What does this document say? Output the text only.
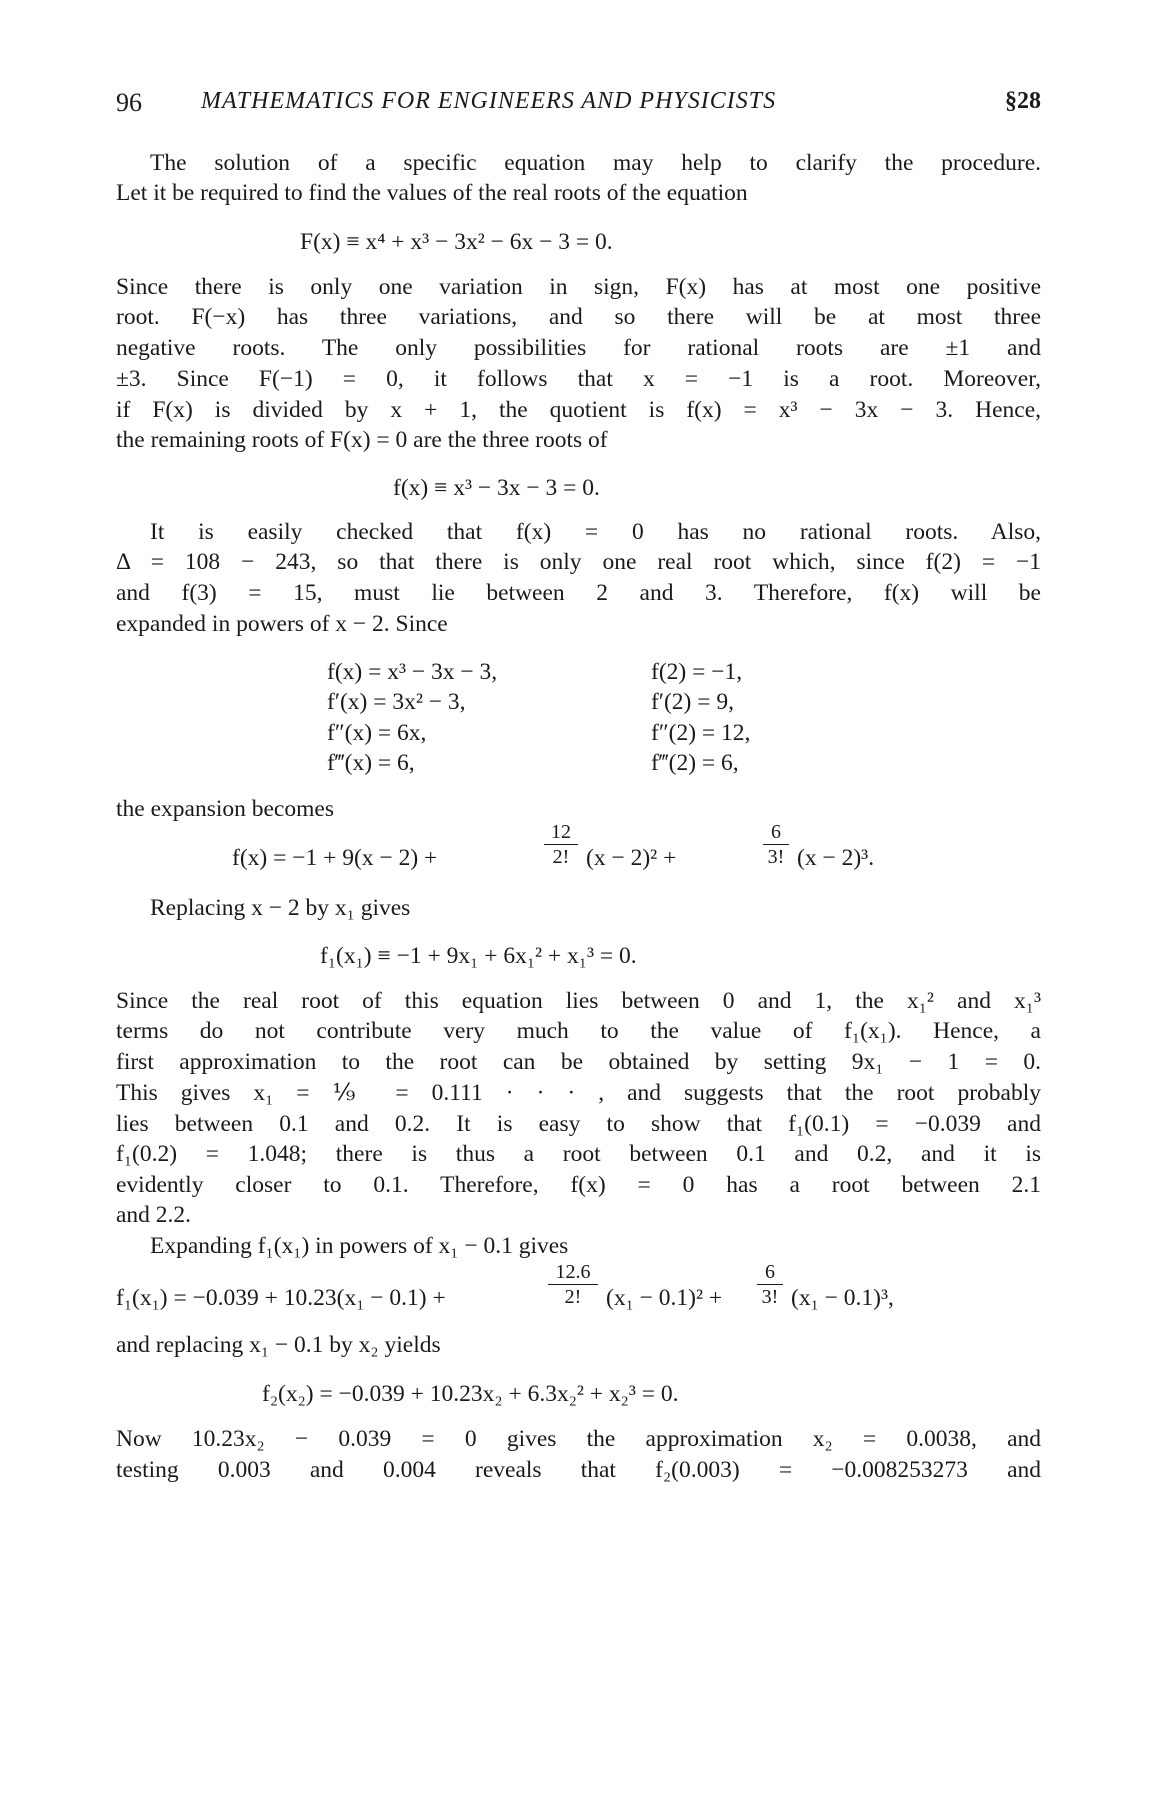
96 MATHEMATICS FOR ENGINEERS AND PHYSICISTS	§28
The solution of a specific equation may help to clarify the procedure.
Let it be required to find the values of the real roots of the equation
F(x) ≡ x⁴ + x³ − 3x² − 6x − 3 = 0.
Since there is only one variation in sign, F(x) has at most one positive
root. F(−x) has three variations, and so there will be at most three
negative roots. The only possibilities for rational roots are ±1 and
±3. Since F(−1) = 0, it follows that x = −1 is a root. Moreover,
if F(x) is divided by x + 1, the quotient is f(x) = x³ − 3x − 3. Hence,
the remaining roots of F(x) = 0 are the three roots of
f(x) ≡ x³ − 3x − 3 = 0.
It is easily checked that f(x) = 0 has no rational roots. Also,
Δ = 108 − 243, so that there is only one real root which, since f(2) = −1
and f(3) = 15, must lie between 2 and 3. Therefore, f(x) will be
expanded in powers of x − 2. Since
f(x) = x³ − 3x − 3,
f′(x) = 3x² − 3,
f″(x) = 6x,
f‴(x) = 6,
f(2) = −1,
f′(2) = 9,
f″(2) = 12,
f‴(2) = 6,
the expansion becomes
f(x) = −1 + 9(x − 2) +
12
2! (x − 2)² +
6
3! (x − 2)³.
Replacing x − 2 by x₁ gives
f₁(x₁) ≡ −1 + 9x₁ + 6x₁² + x₁³ = 0.
Since the real root of this equation lies between 0 and 1, the x₁² and x₁³
terms do not contribute very much to the value of f₁(x₁). Hence, a
first approximation to the root can be obtained by setting 9x₁ − 1 = 0.
This gives x₁ = ⅑ = 0.111 · · · , and suggests that the root probably
lies between 0.1 and 0.2. It is easy to show that f₁(0.1) = −0.039 and
f₁(0.2) = 1.048; there is thus a root between 0.1 and 0.2, and it is
evidently closer to 0.1. Therefore, f(x) = 0 has a root between 2.1
and 2.2.
Expanding f₁(x₁) in powers of x₁ − 0.1 gives
f₁(x₁) = −0.039 + 10.23(x₁ − 0.1) +
12.6
2!	(x₁ − 0.1)² +
6
3! (x₁ − 0.1)³,
and replacing x₁ − 0.1 by x₂ yields
f₂(x₂) = −0.039 + 10.23x₂ + 6.3x₂² + x₂³ = 0.
Now 10.23x₂ − 0.039 = 0 gives the approximation x₂ = 0.0038, and
testing 0.003 and 0.004 reveals that f₂(0.003) = −0.008253273 and
